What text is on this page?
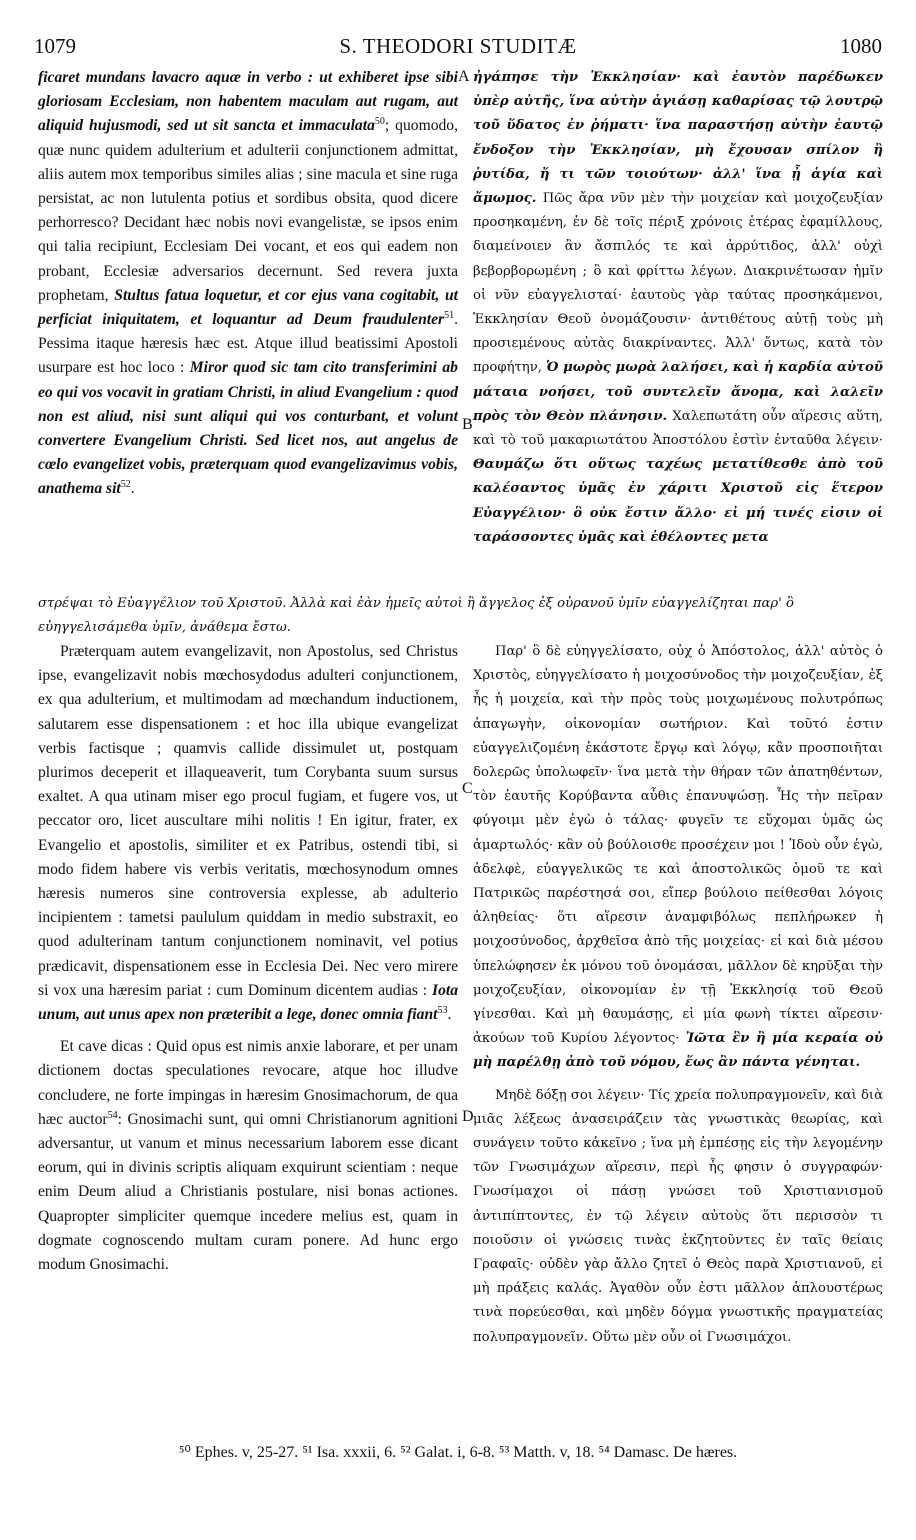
1079	S. THEODORI STUDITÆ	1080
A
B
C
D

ficaret mundans lavacro aquæ in verbo : ut exhiberet ipse sibi gloriosam Ecclesiam, non habentem maculam aut rugam, aut aliquid hujusmodi, sed ut sit sancta et immaculata$^{50}$; quomodo, quæ nunc quidem adulterium et adulterii conjunctionem admittat, aliis autem mox temporibus similes alias ; sine macula et sine ruga persistat, ac non lutulenta potius et sordibus obsita, quod dicere perhorresco? Decidant hæc nobis novi evangelistæ, se ipsos enim qui talia recipiunt, Ecclesiam Dei vocant, et eos qui eadem non probant, Ecclesiæ adversarios decernunt. Sed revera juxta prophetam, Stultus fatua loquetur, et cor ejus vana cogitabit, ut perficiat iniquitatem, et loquantur ad Deum fraudulenter$^{51}$. Pessima itaque hæresis hæc est. Atque illud beatissimi Apostoli usurpare est hoc loco : Miror quod sic tam cito transferimini ab eo qui vos vocavit in gratiam Christi, in aliud Evangelium : quod non est aliud, nisi sunt aliqui qui vos conturbant, et volunt convertere Evangelium Christi. Sed licet nos, aut angelus de cœlo evangelizet vobis, præterquam quod evangelizavimus vobis, anathema sit$^{52}$.

στρέψαι τὸ Εὐαγγέλιον τοῦ Χριστοῦ. Ἀλλὰ καὶ ἐὰν ἡμεῖς αὐτοὶ ἢ ἄγγελος ἐξ οὐρανοῦ ὑμῖν εὐαγγελίζηται παρ' ὃ εὐηγγελισάμεθα ὑμῖν, ἀνάθεμα ἔστω.

Præterquam autem evangelizavit, non Apostolus, sed Christus ipse, evangelizavit nobis mœchosydodus adulteri conjunctionem, ex qua adulterium, et multimodam ad mœchandum inductionem, salutarem esse dispensationem : et hoc illa ubique evangelizat verbis factisque ; quamvis callide dissimulet ut, postquam plurimos deceperit et illaqueaverit, tum Corybanta suum sursus exaltet. A qua utinam miser ego procul fugiam, et fugere vos, ut peccator oro, licet auscultare mihi nolitis ! En igitur, frater, ex Evangelio et apostolis, similiter et ex Patribus, ostendi tibi, si modo fidem habere vis verbis veritatis, mœchosynodum omnes hæresis numeros sine controversia explesse, ab adulterio incipientem : tametsi paululum quiddam in medio substraxit, eo quod adulterinam tantum conjunctionem nominavit, vel potius prædicavit, dispensationem esse in Ecclesia Dei. Nec vero mirere si vox una hæresim pariat : cum Dominum dicentem audias : Iota unum, aut unus apex non præteribit a lege, donec omnia fiant$^{53}$.

Et cave dicas : Quid opus est nimis anxie laborare, et per unam dictionem doctas speculationes revocare, atque hoc illudve concludere, ne forte impingas in hæresim Gnosimachorum, de qua hæc auctor$^{54}$: Gnosimachi sunt, qui omni Christianorum agnitioni adversantur, ut vanum et minus necessarium laborem esse dicant eorum, qui in divinis scriptis aliquam exquirunt scientiam : neque enim Deum aliud a Christianis postulare, nisi bonas actiones. Quapropter simpliciter quemque incedere melius est, quam in dogmate cognoscendo multam curam ponere. Ad hunc ergo modum Gnosimachi.

ἠγάπησε τὴν Ἐκκλησίαν· καὶ ἑαυτὸν παρέδωκεν ὑπὲρ αὐτῆς, ἵνα αὐτὴν ἁγιάσῃ καθαρίσας τῷ λουτρῷ τοῦ ὕδατος ἐν ῥήματι· ἵνα παραστήσῃ αὐτὴν ἑαυτῷ ἔνδοξον τὴν Ἐκκλησίαν, μὴ ἔχουσαν σπίλον ἢ ῥυτίδα, ἤ τι τῶν τοιούτων· ἀλλ' ἵνα ᾖ ἁγία καὶ ἄμωμος. Πῶς ἄρα νῦν μὲν τὴν μοιχείαν καὶ μοιχοζευξίαν προσηκαμένη, ἐν δὲ τοῖς πέριξ χρόνοις ἑτέρας ἐφαμίλλους, διαμείνοιεν ἂν ἄσπιλός τε καὶ ἀρρύτιδος, ἀλλ' οὐχὶ βεβορβορωμένη ; ὃ καὶ φρίττω λέγων. Διακρινέτωσαν ἡμῖν οἱ νῦν εὐαγγελισταί· ἑαυτοὺς γὰρ ταύτας προσηκάμενοι, Ἐκκλησίαν Θεοῦ ὀνομάζουσιν· ἀντιθέτους αὐτῇ τοὺς μὴ προσιεμένους αὐτὰς διακρίναντες. Ἀλλ' ὄντως, κατὰ τὸν προφήτην, Ὁ μωρὸς μωρὰ λαλήσει, καὶ ἡ καρδία αὐτοῦ μάταια νοήσει, τοῦ συντελεῖν ἄνομα, καὶ λαλεῖν πρὸς τὸν Θεὸν πλάνησιν. Χαλεπωτάτη οὖν αἵρεσις αὕτη, καὶ τὸ τοῦ μακαριωτάτου Ἀποστόλου ἐστὶν ἐνταῦθα λέγειν· Θαυμάζω ὅτι οὕτως ταχέως μετατίθεσθε ἀπὸ τοῦ καλέσαντος ὑμᾶς ἐν χάριτι Χριστοῦ εἰς ἕτερον Εὐαγγέλιον· ὃ οὐκ ἔστιν ἄλλο· εἰ μή τινές εἰσιν οἱ ταράσσοντες ὑμᾶς καὶ ἐθέλοντες μετα

Παρ' ὃ δὲ εὐηγγελίσατο, οὐχ ὁ Ἀπόστολος, ἀλλ' αὐτὸς ὁ Χριστὸς, εὐηγγελίσατο ἡ μοιχοσύνοδος τὴν μοιχοζευξίαν, ἐξ ἧς ἡ μοιχεία, καὶ τὴν πρὸς τοὺς μοιχωμένους πολυτρόπως ἀπαγωγὴν, οἰκονομίαν σωτήριον. Καὶ τοῦτό ἐστιν εὐαγγελιζομένη ἑκάστοτε ἔργῳ καὶ λόγῳ, κἂν προσποιῆται δολερῶς ὑπολωφεῖν· ἵνα μετὰ τὴν θήραν τῶν ἀπατηθέντων, τὸν ἑαυτῆς Κορύβαντα αὖθις ἐπανυψώσῃ. Ἧς τὴν πεῖραν φύγοιμι μὲν ἐγὼ ὁ τάλας· φυγεῖν τε εὔχομαι ὑμᾶς ὡς ἁμαρτωλός· κἂν οὐ βούλοισθε προσέχειν μοι ! Ἰδοὺ οὖν ἐγὼ, ἀδελφὲ, εὐαγγελικῶς τε καὶ ἀποστολικῶς ὁμοῦ τε καὶ Πατρικῶς παρέστησά σοι, εἴπερ βούλοιο πείθεσθαι λόγοις ἀληθείας· ὅτι αἵρεσιν ἀναμφιβόλως πεπλήρωκεν ἡ μοιχοσύνοδος, ἀρχθεῖσα ἀπὸ τῆς μοιχείας· εἰ καὶ διὰ μέσου ὑπελώφησεν ἐκ μόνου τοῦ ὀνομάσαι, μᾶλλον δὲ κηρῦξαι τὴν μοιχοζευξίαν, οἰκονομίαν ἐν τῇ Ἐκκλησίᾳ τοῦ Θεοῦ γίνεσθαι. Καὶ μὴ θαυμάσῃς, εἰ μία φωνὴ τίκτει αἵρεσιν· ἀκούων τοῦ Κυρίου λέγοντος· Ἰῶτα ἓν ἢ μία κεραία οὐ μὴ παρέλθῃ ἀπὸ τοῦ νόμου, ἕως ἂν πάντα γένηται.

Μηδὲ δόξῃ σοι λέγειν· Τίς χρεία πολυπραγμονεῖν, καὶ διὰ μιᾶς λέξεως ἀνασειράζειν τὰς γνωστικὰς θεωρίας, καὶ συνάγειν τοῦτο κἀκεῖνο ; ἵνα μὴ ἐμπέσῃς εἰς τὴν λεγομένην τῶν Γνωσιμάχων αἵρεσιν, περὶ ἧς φησιν ὁ συγγραφών· Γνωσίμαχοι οἱ πάσῃ γνώσει τοῦ Χριστιανισμοῦ ἀντιπίπτοντες, ἐν τῷ λέγειν αὐτοὺς ὅτι περισσὸν τι ποιοῦσιν οἱ γνώσεις τινὰς ἐκζητοῦντες ἐν ταῖς θείαις Γραφαῖς· οὐδὲν γὰρ ἄλλο ζητεῖ ὁ Θεὸς παρὰ Χριστιανοῦ, εἰ μὴ πράξεις καλάς. Ἀγαθὸν οὖν ἐστι μᾶλλον ἁπλουστέρως τινὰ πορεύεσθαι, καὶ μηδὲν δόγμα γνωστικῆς πραγματείας πολυπραγμονεῖν. Οὕτω μὲν οὖν οἱ Γνωσιμάχοι.

⁵⁰ Ephes. v, 25-27. ⁵¹ Isa. xxxii, 6. ⁵² Galat. i, 6-8. ⁵³ Matth. v, 18. ⁵⁴ Damasc. De hæres.
